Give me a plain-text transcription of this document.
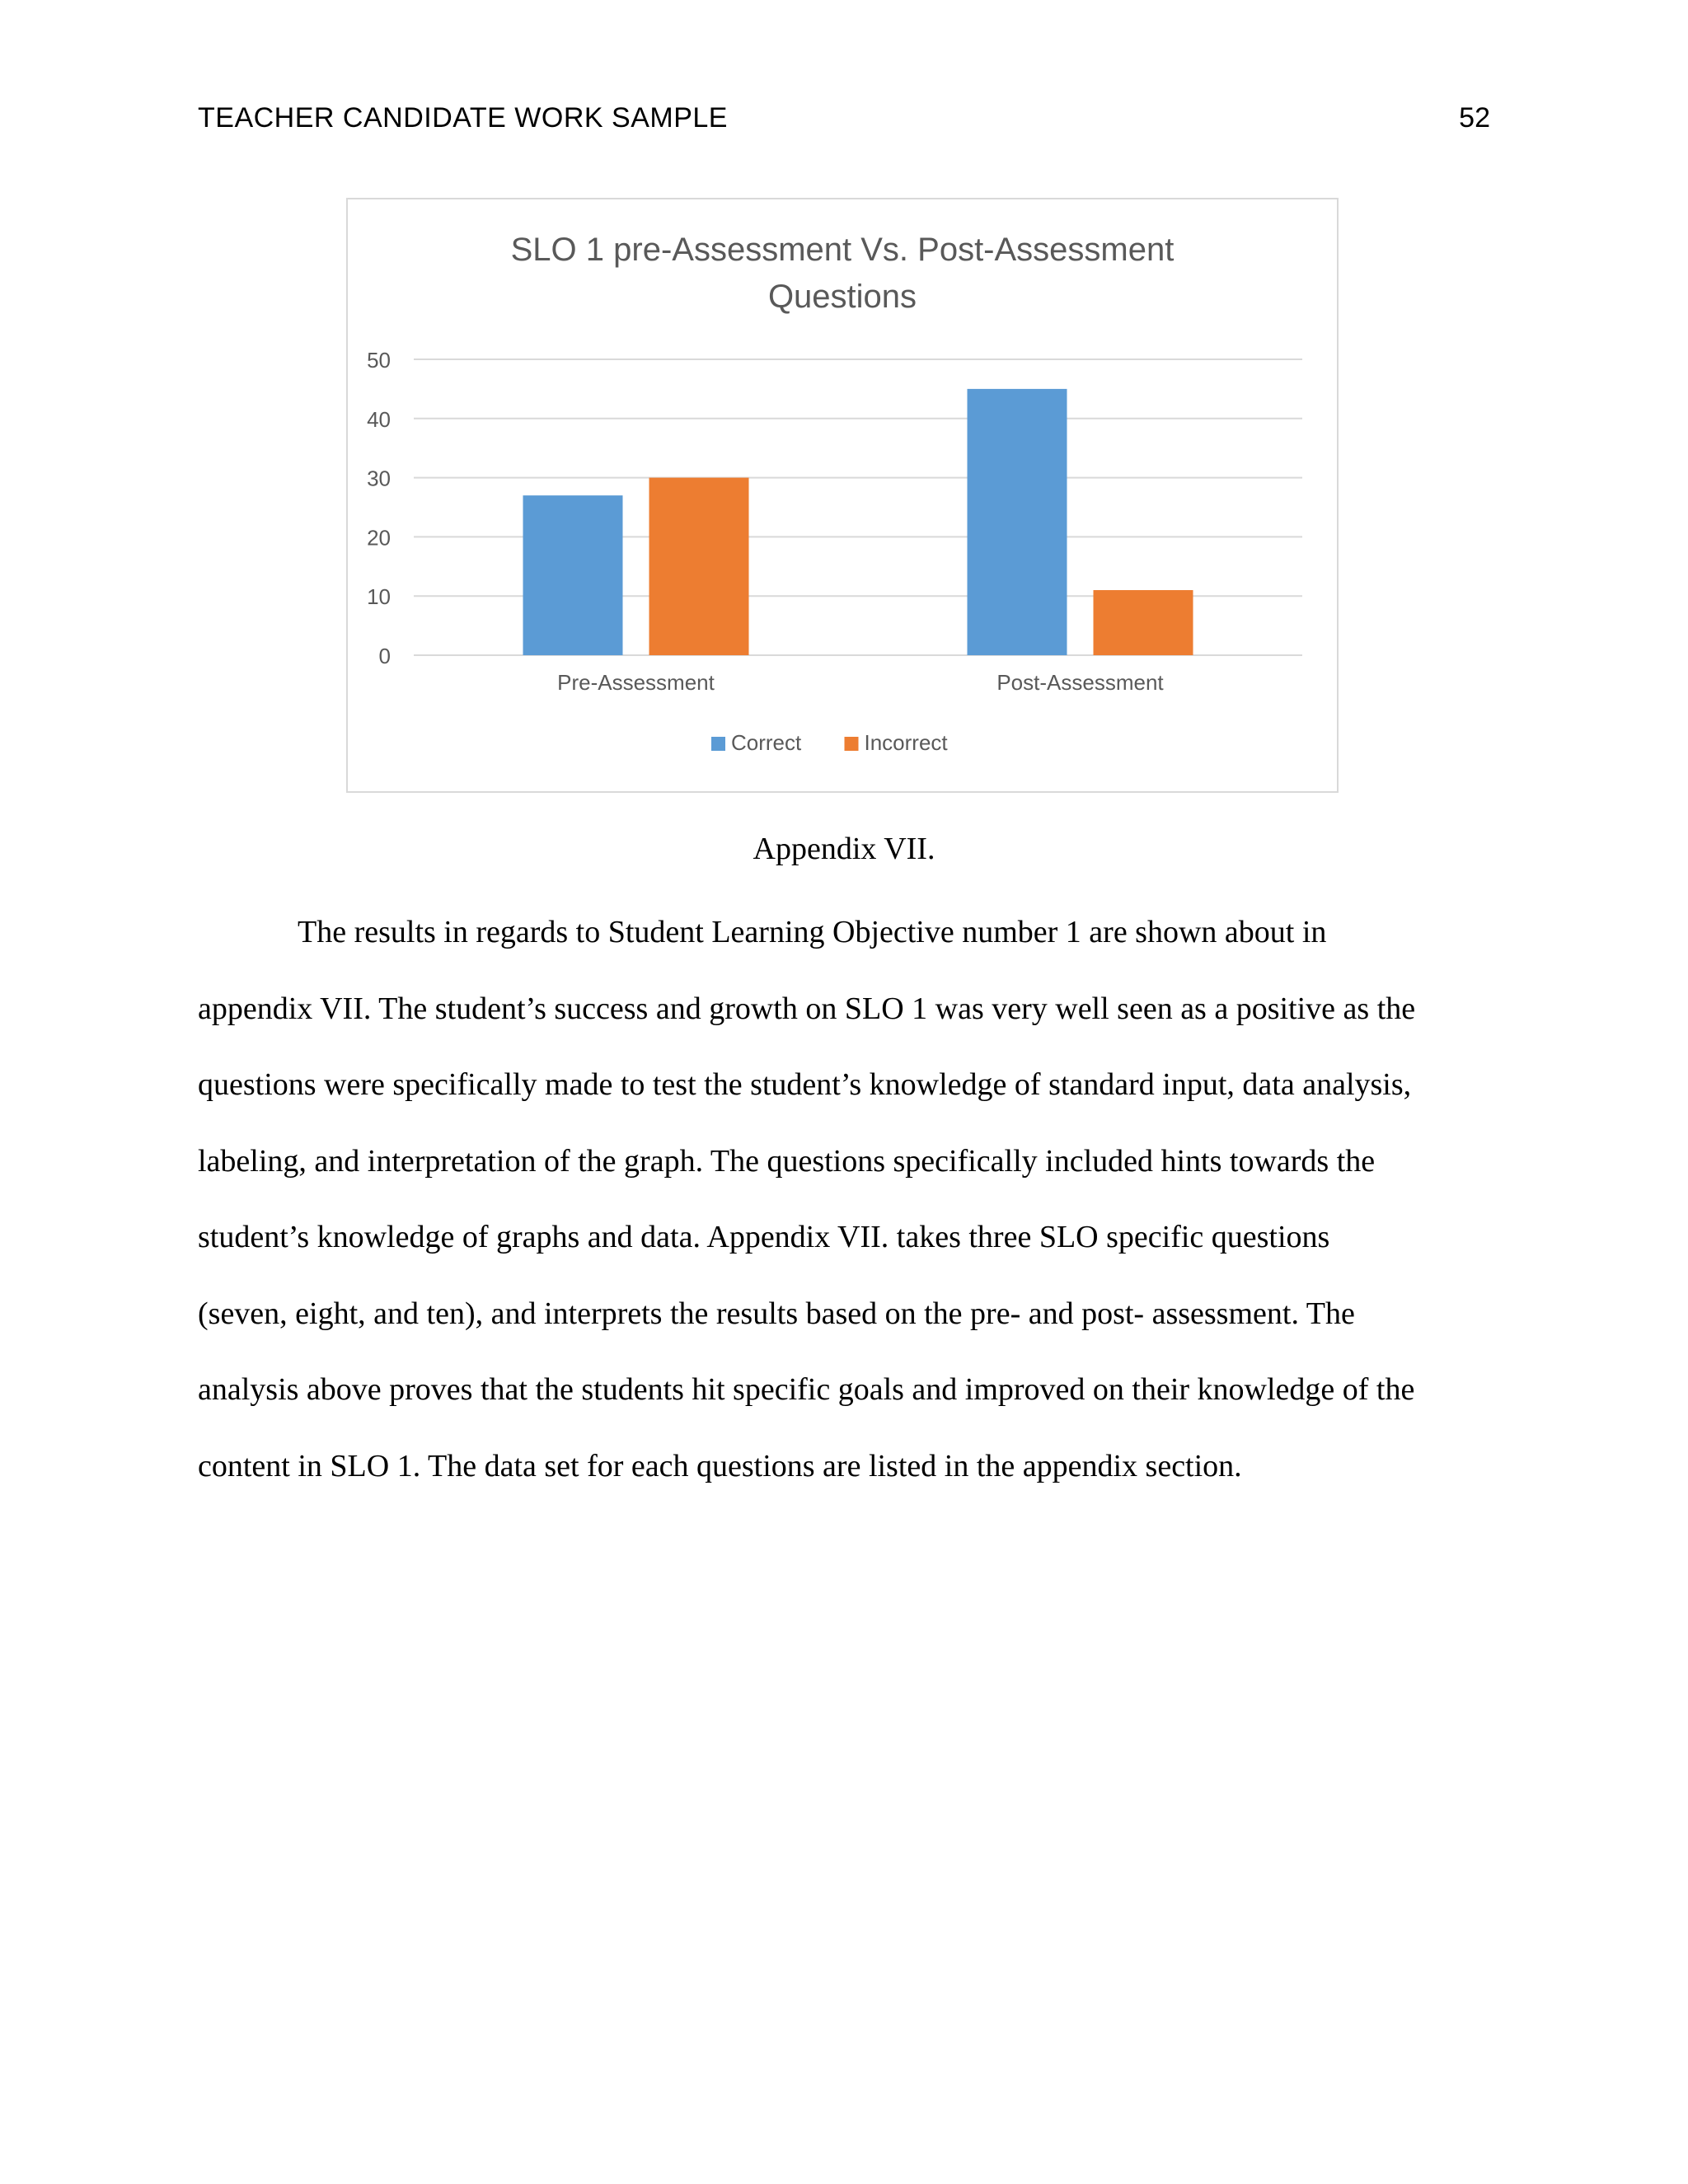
TEACHER CANDIDATE WORK SAMPLE	52
SLO 1 pre-Assessment Vs. Post-Assessment
Questions
0
10
20
30
40
50
Pre-Assessment	Post-Assessment
Correct	Incorrect
Appendix VII.
The results in regards to Student Learning Objective number 1 are shown about in
appendix VII. The student’s success and growth on SLO 1 was very well seen as a positive as the
questions were specifically made to test the student’s knowledge of standard input, data analysis,
labeling, and interpretation of the graph. The questions specifically included hints towards the
student’s knowledge of graphs and data. Appendix VII. takes three SLO specific questions
(seven, eight, and ten), and interprets the results based on the pre- and post- assessment. The
analysis above proves that the students hit specific goals and improved on their knowledge of the
content in SLO 1. The data set for each questions are listed in the appendix section.
